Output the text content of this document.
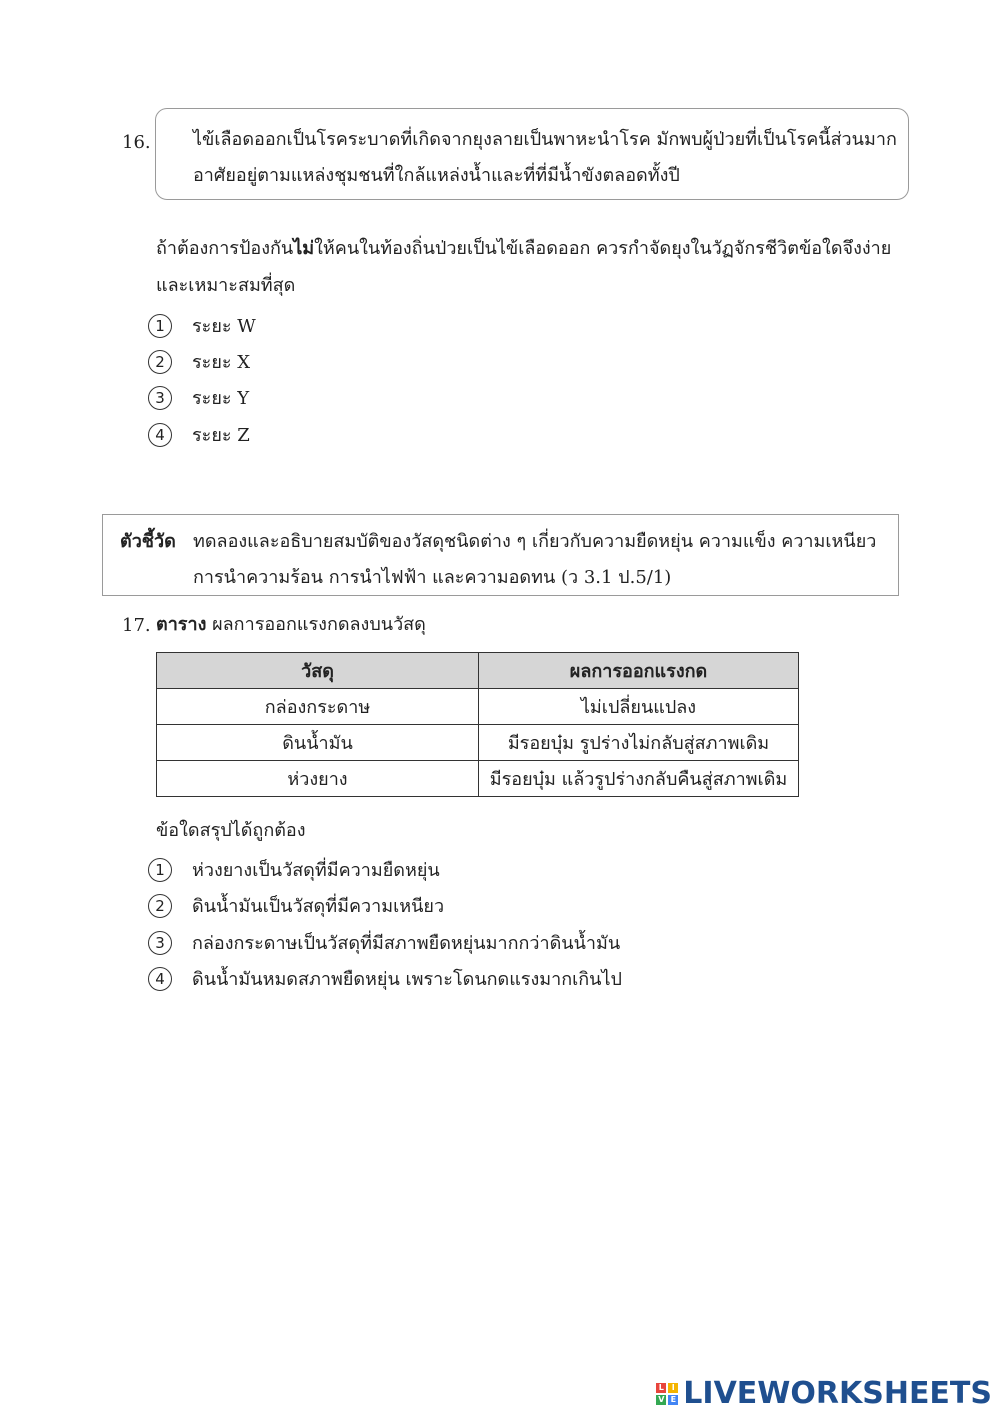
16. ไข้เลือดออกเป็นโรคระบาดที่เกิดจากยุงลายเป็นพาหะนำโรค มักพบผู้ป่วยที่เป็นโรคนี้ส่วนมาก
อาศัยอยู่ตามแหล่งชุมชนที่ใกล้แหล่งน้ำและที่ที่มีน้ำขังตลอดทั้งปี
ถ้าต้องการป้องกันไม่ให้คนในท้องถิ่นป่วยเป็นไข้เลือดออก ควรกำจัดยุงในวัฏจักรชีวิตข้อใดจึงง่าย
และเหมาะสมที่สุด
1	ระยะ W
2	ระยะ X
3	ระยะ Y
4	ระยะ Z
ตัวชี้วัด ทดลองและอธิบายสมบัติของวัสดุชนิดต่าง ๆ เกี่ยวกับความยืดหยุ่น ความแข็ง ความเหนียว
การนำความร้อน การนำไฟฟ้า และความอดทน (ว 3.1 ป.5/1)
17. ตาราง ผลการออกแรงกดลงบนวัสดุ
วัสดุ	ผลการออกแรงกด
กล่องกระดาษ	ไม่เปลี่ยนแปลง
ดินน้ำมัน	มีรอยบุ๋ม รูปร่างไม่กลับสู่สภาพเดิม
ห่วงยาง	มีรอยบุ๋ม แล้วรูปร่างกลับคืนสู่สภาพเดิม
ข้อใดสรุปได้ถูกต้อง
1	ห่วงยางเป็นวัสดุที่มีความยืดหยุ่น
2	ดินน้ำมันเป็นวัสดุที่มีความเหนียว
3	กล่องกระดาษเป็นวัสดุที่มีสภาพยืดหยุ่นมากกว่าดินน้ำมัน
4	ดินน้ำมันหมดสภาพยืดหยุ่น เพราะโดนกดแรงมากเกินไป
L I
V E LIVEWORKSHEETS
